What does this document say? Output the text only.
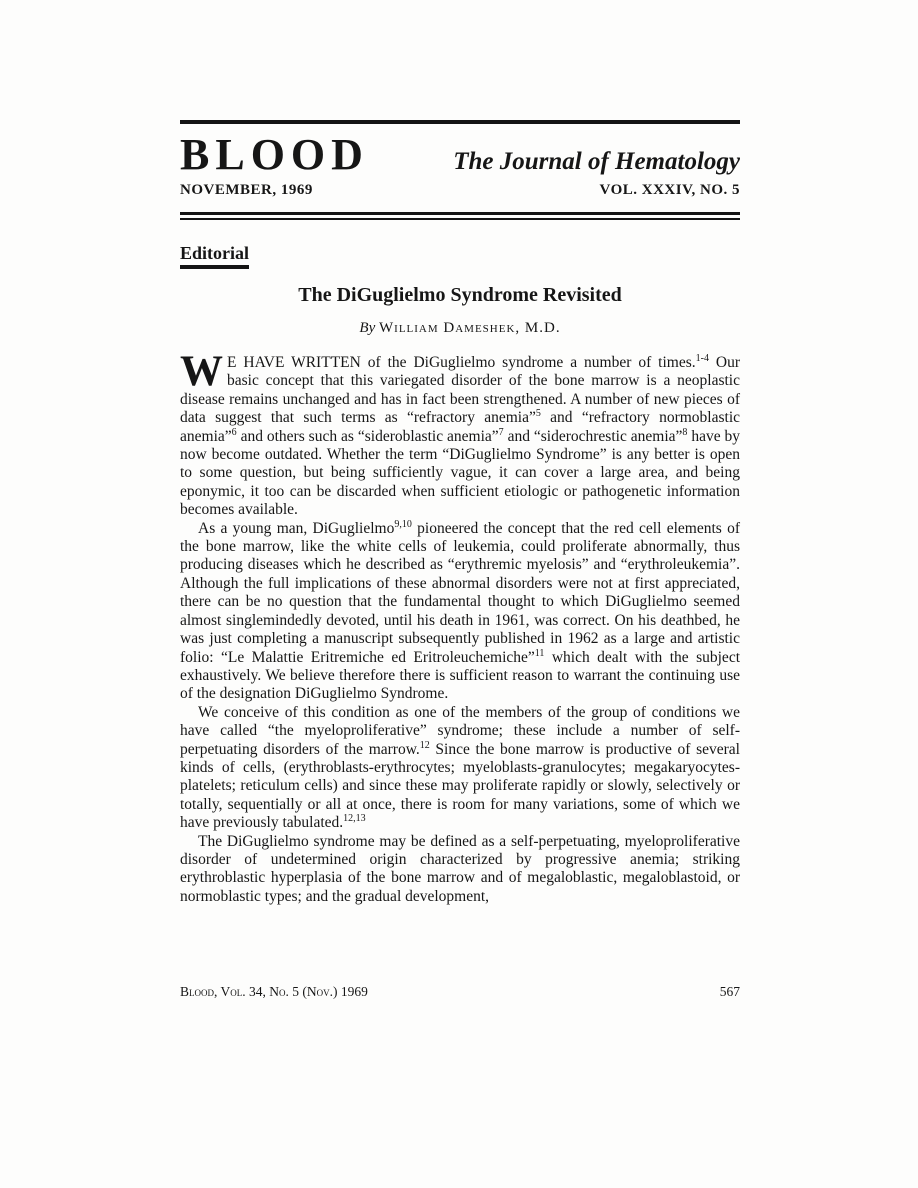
BLOOD	The Journal of Hematology
NOVEMBER, 1969	VOL. XXXIV, NO. 5
Editorial
The DiGuglielmo Syndrome Revisited
By William Dameshek, M.D.

W E HAVE WRITTEN of the DiGuglielmo syndrome a number of times.$^{1-4}$ Our basic concept that this variegated disorder of the bone marrow is a neoplastic disease remains unchanged and has in fact been strengthened. A number of new pieces of data suggest that such terms as “refractory anemia”$^5$ and “refractory normoblastic anemia”$^6$ and others such as “sideroblastic anemia”$^7$ and “siderochrestic anemia”$^8$ have by now become outdated. Whether the term “DiGuglielmo Syndrome” is any better is open to some question, but being sufficiently vague, it can cover a large area, and being eponymic, it too can be discarded when sufficient etiologic or pathogenetic information becomes available.

As a young man, DiGuglielmo$^{9,10}$ pioneered the concept that the red cell elements of the bone marrow, like the white cells of leukemia, could proliferate abnormally, thus producing diseases which he described as “erythremic myelosis” and “erythroleukemia”. Although the full implications of these abnormal disorders were not at first appreciated, there can be no question that the fundamental thought to which DiGuglielmo seemed almost singlemindedly devoted, until his death in 1961, was correct. On his deathbed, he was just completing a manuscript subsequently published in 1962 as a large and artistic folio: “Le Malattie Eritremiche ed Eritroleuchemiche”$^{11}$ which dealt with the subject exhaustively. We believe therefore there is sufficient reason to warrant the continuing use of the designation DiGuglielmo Syndrome.

We conceive of this condition as one of the members of the group of conditions we have called “the myeloproliferative” syndrome; these include a number of self-perpetuating disorders of the marrow.$^{12}$ Since the bone marrow is productive of several kinds of cells, (erythroblasts-erythrocytes; myeloblasts-granulocytes; megakaryocytes-platelets; reticulum cells) and since these may proliferate rapidly or slowly, selectively or totally, sequentially or all at once, there is room for many variations, some of which we have previously tabulated.$^{12,13}$

The DiGuglielmo syndrome may be defined as a self-perpetuating, myeloproliferative disorder of undetermined origin characterized by progressive anemia; striking erythroblastic hyperplasia of the bone marrow and of megaloblastic, megaloblastoid, or normoblastic types; and the gradual development,

Blood, Vol. 34, No. 5 (Nov.) 1969	567
